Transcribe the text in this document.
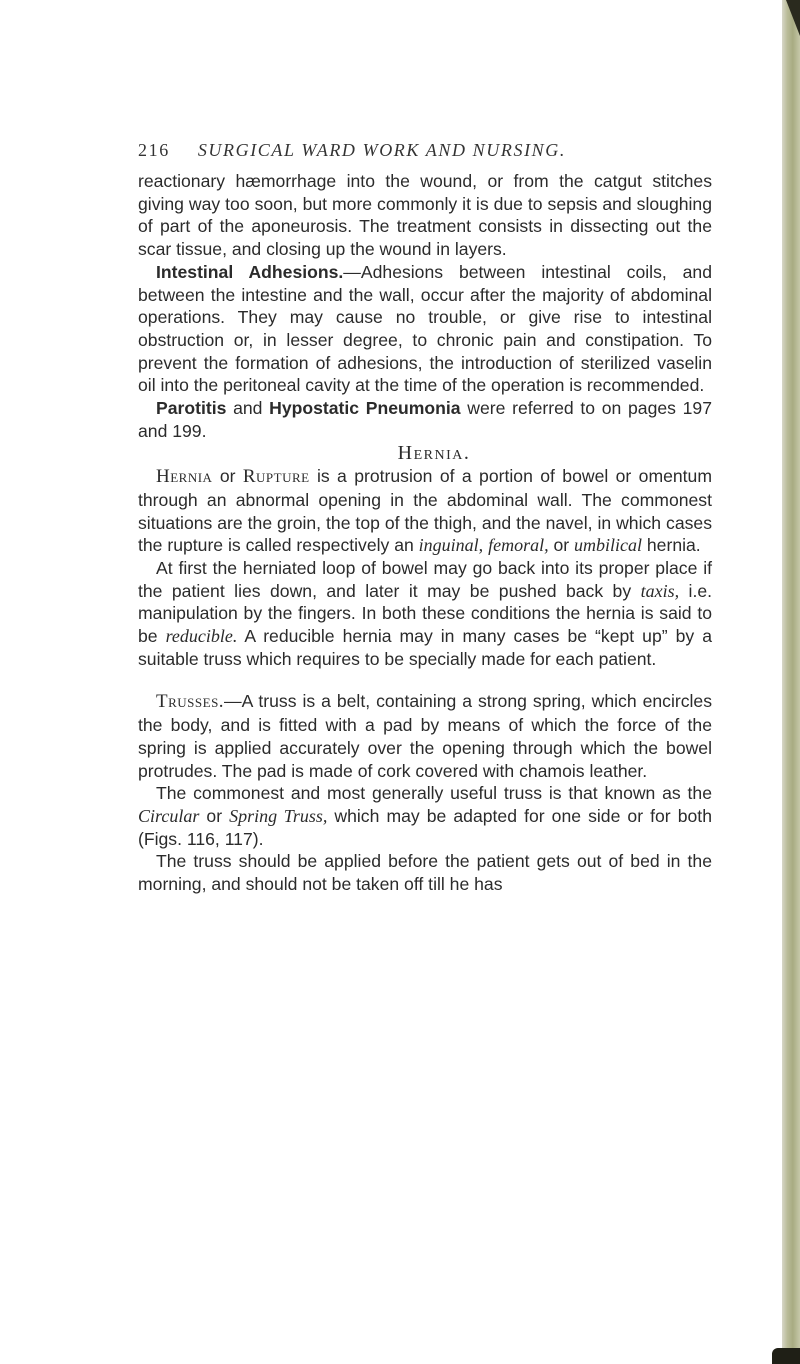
216 SURGICAL WARD WORK AND NURSING.

reactionary hæmorrhage into the wound, or from the catgut stitches giving way too soon, but more commonly it is due to sepsis and sloughing of part of the aponeurosis. The treatment consists in dissecting out the scar tissue, and closing up the wound in layers.

Intestinal Adhesions.—Adhesions between intestinal coils, and between the intestine and the wall, occur after the majority of abdominal operations. They may cause no trouble, or give rise to intestinal obstruction or, in lesser degree, to chronic pain and constipation. To prevent the formation of adhesions, the introduction of sterilized vaselin oil into the peritoneal cavity at the time of the operation is recommended.

Parotitis and Hypostatic Pneumonia were referred to on pages 197 and 199.

Hernia.

Hernia or Rupture is a protrusion of a portion of bowel or omentum through an abnormal opening in the abdominal wall. The commonest situations are the groin, the top of the thigh, and the navel, in which cases the rupture is called respectively an inguinal, femoral, or umbilical hernia.

At first the herniated loop of bowel may go back into its proper place if the patient lies down, and later it may be pushed back by taxis, i.e. manipulation by the fingers. In both these conditions the hernia is said to be reducible. A reducible hernia may in many cases be “kept up” by a suitable truss which requires to be specially made for each patient.

Trusses.—A truss is a belt, containing a strong spring, which encircles the body, and is fitted with a pad by means of which the force of the spring is applied accurately over the opening through which the bowel protrudes. The pad is made of cork covered with chamois leather.

The commonest and most generally useful truss is that known as the Circular or Spring Truss, which may be adapted for one side or for both (Figs. 116, 117).

The truss should be applied before the patient gets out of bed in the morning, and should not be taken off till he has
